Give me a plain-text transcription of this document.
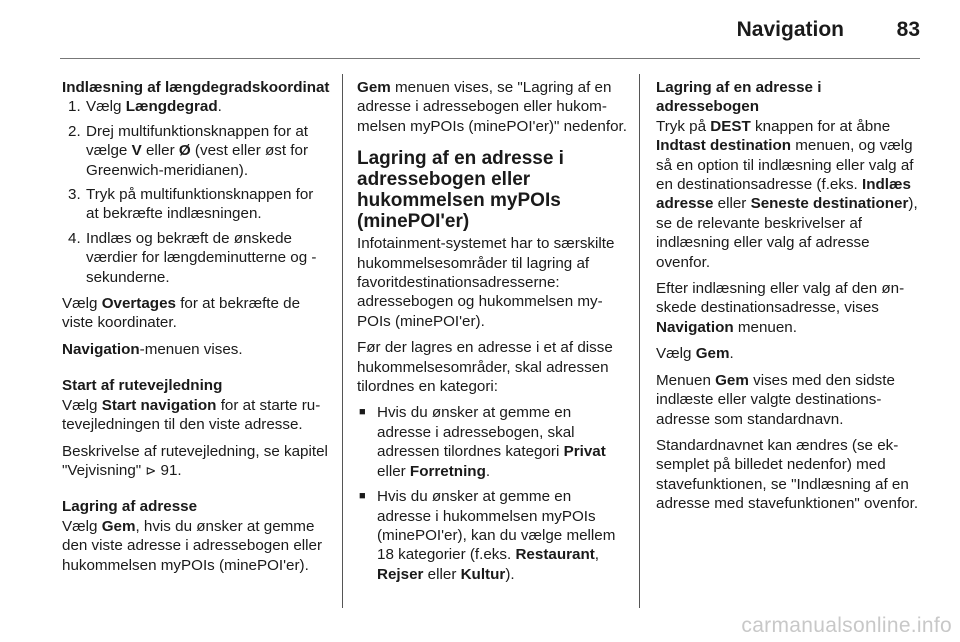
Navigation	83

Indlæsning af længdegradskoordinat

1. Vælg Længdegrad.
2. Drej multifunktionsknappen for at vælge V eller Ø (vest eller øst for Greenwich-meridianen).
3. Tryk på multifunktionsknappen for at bekræfte indlæsningen.
4. Indlæs og bekræft de ønskede værdier for længdeminutterne og -sekunderne.

Vælg Overtages for at bekræfte de viste koordinater.

Navigation-menuen vises.

Start af rutevejledning

Vælg Start navigation for at starte rutevejledningen til den viste adresse.

Beskrivelse af rutevejledning, se kapitel "Vejvisning" ⊳ 91.

Lagring af adresse

Vælg Gem, hvis du ønsker at gemme den viste adresse i adressebogen eller hukommelsen myPOIs (minePOI'er).

Gem menuen vises, se "Lagring af en adresse i adressebogen eller hukommelsen myPOIs (minePOI'er)" nedenfor.

Lagring af en adresse i adressebogen eller hukommelsen myPOIs (minePOI'er)

Infotainment-systemet har to særskilte hukommelsesområder til lagring af favoritdestinationsadresserne: adressebogen og hukommelsen myPOIs (minePOI'er).

Før der lagres en adresse i et af disse hukommelsesområder, skal adressen tilordnes en kategori:

■ Hvis du ønsker at gemme en adresse i adressebogen, skal adressen tilordnes kategori Privat eller Forretning.
■ Hvis du ønsker at gemme en adresse i hukommelsen myPOIs (minePOI'er), kan du vælge mellem 18 kategorier (f.eks. Restaurant, Rejser eller Kultur).

Lagring af en adresse i adressebogen

Tryk på DEST knappen for at åbne Indtast destination menuen, og vælg så en option til indlæsning eller valg af en destinationsadresse (f.eks. Indlæs adresse eller Seneste destinationer), se de relevante beskrivelser af indlæsning eller valg af adresse ovenfor.

Efter indlæsning eller valg af den ønskede destinationsadresse, vises Navigation menuen.

Vælg Gem.

Menuen Gem vises med den sidste indlæste eller valgte destinationsadresse som standardnavn.

Standardnavnet kan ændres (se eksemplet på billedet nedenfor) med stavefunktionen, se "Indlæsning af en adresse med stavefunktionen" ovenfor.

carmanualsonline.info
